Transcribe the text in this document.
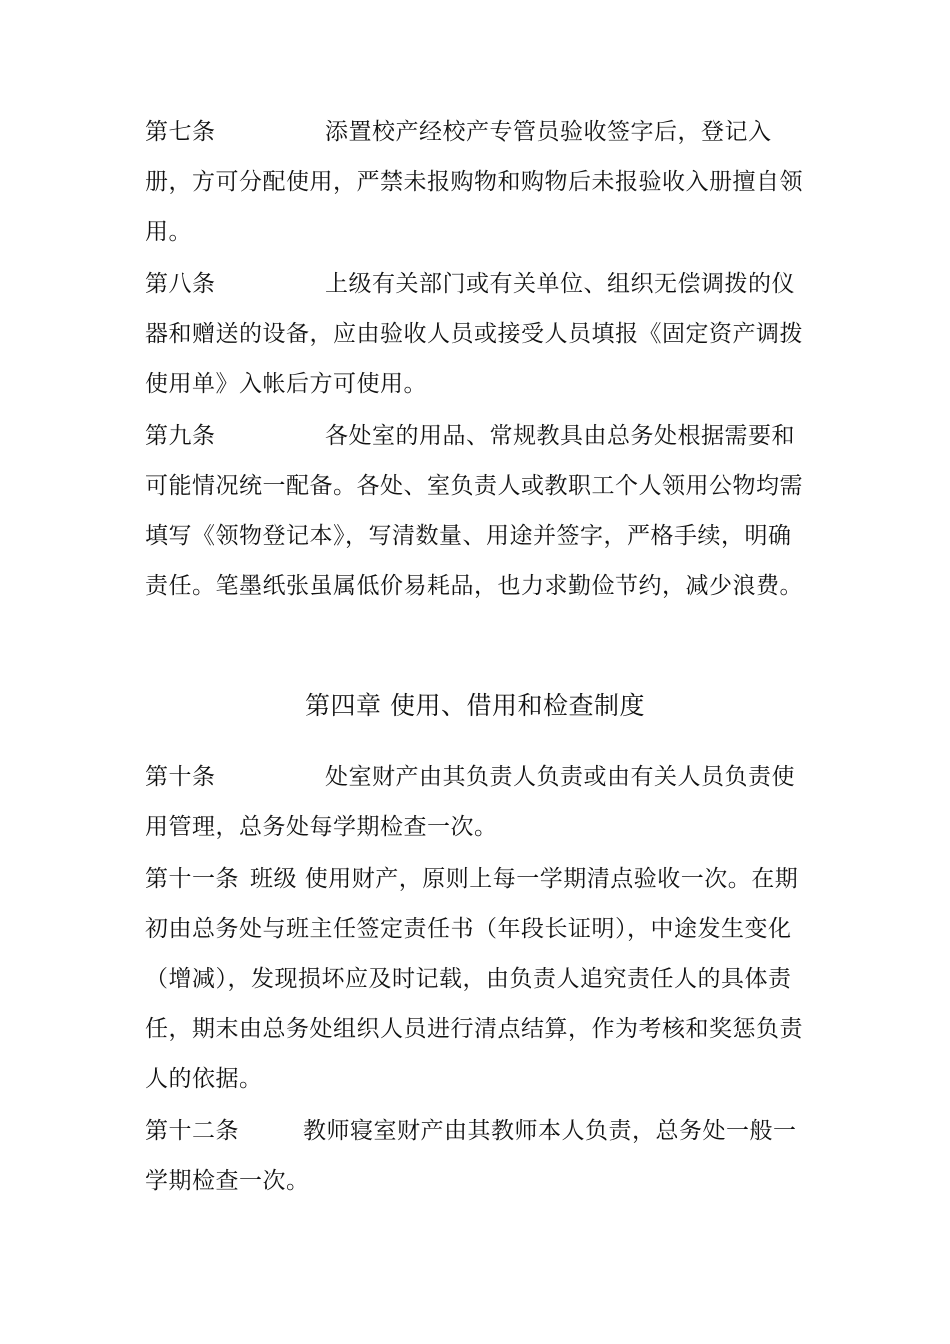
第七条	添置校产经校产专管员验收签字后，登记入册，方可分配使用，严禁未报购物和购物后未报验收入册擅自领用。

第八条	上级有关部门或有关单位、组织无偿调拨的仪器和赠送的设备，应由验收人员或接受人员填报《固定资产调拨使用单》入帐后方可使用。

第九条	各处室的用品、常规教具由总务处根据需要和可能情况统一配备。各处、室负责人或教职工个人领用公物均需填写《领物登记本》，写清数量、用途并签字，严格手续，明确责任。笔墨纸张虽属低价易耗品，也力求勤俭节约，减少浪费。

第四章 使用、借用和检查制度

第十条	处室财产由其负责人负责或由有关人员负责使用管理，总务处每学期检查一次。

第十一条 班级 使用财产，原则上每一学期清点验收一次。在期初由总务处与班主任签定责任书（年段长证明），中途发生变化（增减），发现损坏应及时记载，由负责人追究责任人的具体责任，期末由总务处组织人员进行清点结算，作为考核和奖惩负责人的依据。

第十二条	教师寝室财产由其教师本人负责，总务处一般一学期检查一次。
